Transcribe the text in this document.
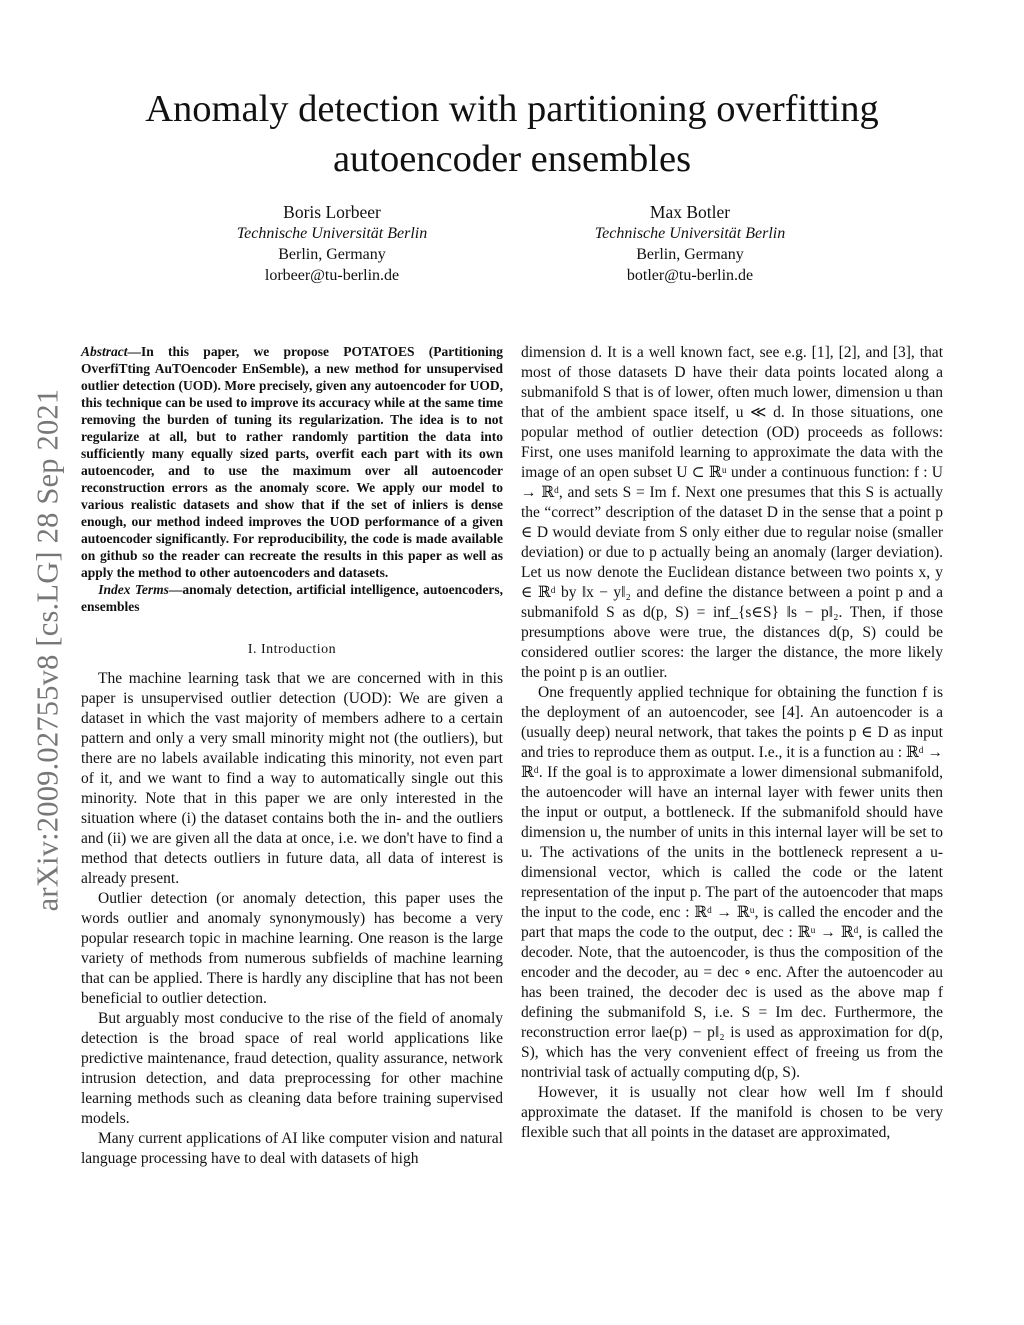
arXiv:2009.02755v8 [cs.LG] 28 Sep 2021
Anomaly detection with partitioning overfitting
autoencoder ensembles
Boris Lorbeer
Technische Universität Berlin
Berlin, Germany
lorbeer@tu-berlin.de
Max Botler
Technische Universität Berlin
Berlin, Germany
botler@tu-berlin.de

Abstract—In this paper, we propose POTATOES (Partitioning OverfiTting AuTOencoder EnSemble), a new method for unsupervised outlier detection (UOD). More precisely, given any autoencoder for UOD, this technique can be used to improve its accuracy while at the same time removing the burden of tuning its regularization. The idea is to not regularize at all, but to rather randomly partition the data into sufficiently many equally sized parts, overfit each part with its own autoencoder, and to use the maximum over all autoencoder reconstruction errors as the anomaly score. We apply our model to various realistic datasets and show that if the set of inliers is dense enough, our method indeed improves the UOD performance of a given autoencoder significantly. For reproducibility, the code is made available on github so the reader can recreate the results in this paper as well as apply the method to other autoencoders and datasets.

Index Terms—anomaly detection, artificial intelligence, autoencoders, ensembles

I. Introduction

The machine learning task that we are concerned with in this paper is unsupervised outlier detection (UOD): We are given a dataset in which the vast majority of members adhere to a certain pattern and only a very small minority might not (the outliers), but there are no labels available indicating this minority, not even part of it, and we want to find a way to automatically single out this minority. Note that in this paper we are only interested in the situation where (i) the dataset contains both the in- and the outliers and (ii) we are given all the data at once, i.e. we don't have to find a method that detects outliers in future data, all data of interest is already present.

Outlier detection (or anomaly detection, this paper uses the words outlier and anomaly synonymously) has become a very popular research topic in machine learning. One reason is the large variety of methods from numerous subfields of machine learning that can be applied. There is hardly any discipline that has not been beneficial to outlier detection.

But arguably most conducive to the rise of the field of anomaly detection is the broad space of real world applications like predictive maintenance, fraud detection, quality assurance, network intrusion detection, and data preprocessing for other machine learning methods such as cleaning data before training supervised models.

Many current applications of AI like computer vision and natural language processing have to deal with datasets of high

dimension d. It is a well known fact, see e.g. [1], [2], and [3], that most of those datasets D have their data points located along a submanifold S that is of lower, often much lower, dimension u than that of the ambient space itself, u ≪ d. In those situations, one popular method of outlier detection (OD) proceeds as follows: First, one uses manifold learning to approximate the data with the image of an open subset U ⊂ ℝᵘ under a continuous function: f : U → ℝᵈ, and sets S = Im f. Next one presumes that this S is actually the “correct” description of the dataset D in the sense that a point p ∈ D would deviate from S only either due to regular noise (smaller deviation) or due to p actually being an anomaly (larger deviation). Let us now denote the Euclidean distance between two points x, y ∈ ℝᵈ by ‖x − y‖₂ and define the distance between a point p and a submanifold S as d(p, S) = inf_{s∈S} ‖s − p‖₂. Then, if those presumptions above were true, the distances d(p, S) could be considered outlier scores: the larger the distance, the more likely the point p is an outlier.

One frequently applied technique for obtaining the function f is the deployment of an autoencoder, see [4]. An autoencoder is a (usually deep) neural network, that takes the points p ∈ D as input and tries to reproduce them as output. I.e., it is a function au : ℝᵈ → ℝᵈ. If the goal is to approximate a lower dimensional submanifold, the autoencoder will have an internal layer with fewer units then the input or output, a bottleneck. If the submanifold should have dimension u, the number of units in this internal layer will be set to u. The activations of the units in the bottleneck represent a u-dimensional vector, which is called the code or the latent representation of the input p. The part of the autoencoder that maps the input to the code, enc : ℝᵈ → ℝᵘ, is called the encoder and the part that maps the code to the output, dec : ℝᵘ → ℝᵈ, is called the decoder. Note, that the autoencoder, is thus the composition of the encoder and the decoder, au = dec ∘ enc. After the autoencoder au has been trained, the decoder dec is used as the above map f defining the submanifold S, i.e. S = Im dec. Furthermore, the reconstruction error ‖ae(p) − p‖₂ is used as approximation for d(p, S), which has the very convenient effect of freeing us from the nontrivial task of actually computing d(p, S).

However, it is usually not clear how well Im f should approximate the dataset. If the manifold is chosen to be very flexible such that all points in the dataset are approximated,
